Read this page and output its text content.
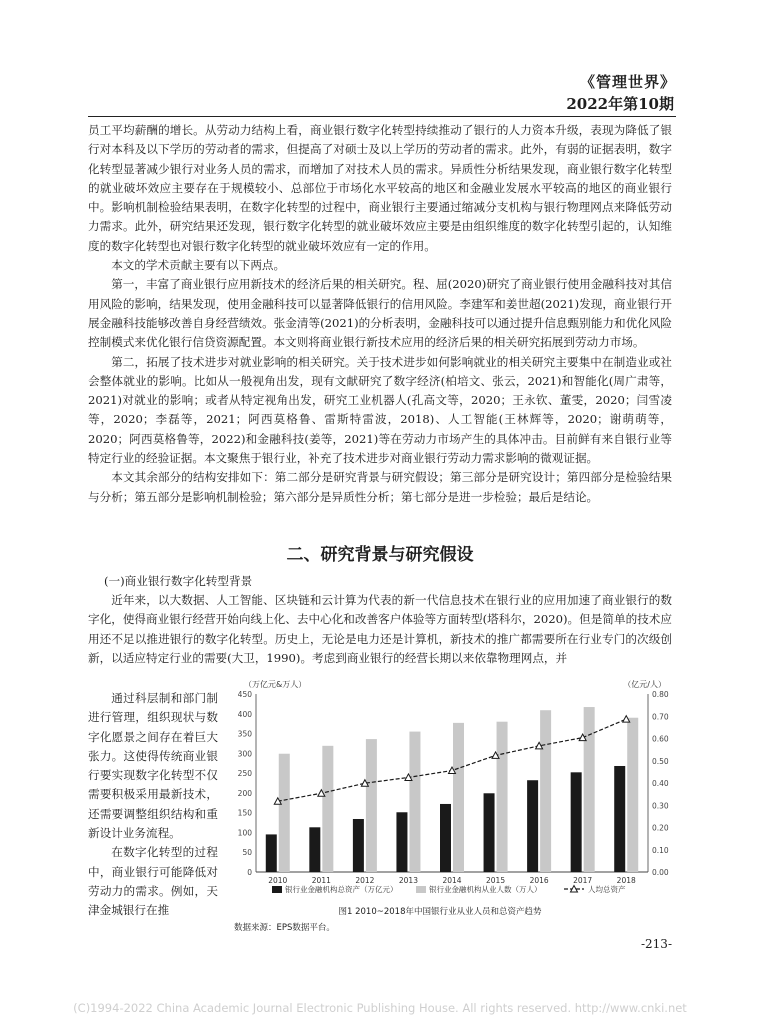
《管理世界》
2022年第10期

员工平均薪酬的增长。从劳动力结构上看，商业银行数字化转型持续推动了银行的人力资本升级，表现为降低了银行对本科及以下学历的劳动者的需求，但提高了对硕士及以上学历的劳动者的需求。此外，有弱的证据表明，数字化转型显著减少银行对业务人员的需求，而增加了对技术人员的需求。异质性分析结果发现，商业银行数字化转型的就业破坏效应主要存在于规模较小、总部位于市场化水平较高的地区和金融业发展水平较高的地区的商业银行中。影响机制检验结果表明，在数字化转型的过程中，商业银行主要通过缩减分支机构与银行物理网点来降低劳动力需求。此外，研究结果还发现，银行数字化转型的就业破坏效应主要是由组织维度的数字化转型引起的，认知维度的数字化转型也对银行数字化转型的就业破坏效应有一定的作用。

本文的学术贡献主要有以下两点。

第一，丰富了商业银行应用新技术的经济后果的相关研究。程、屈(2020)研究了商业银行使用金融科技对其信用风险的影响，结果发现，使用金融科技可以显著降低银行的信用风险。李建军和姜世超(2021)发现，商业银行开展金融科技能够改善自身经营绩效。张金清等(2021)的分析表明，金融科技可以通过提升信息甄别能力和优化风险控制模式来优化银行信贷资源配置。本文则将商业银行新技术应用的经济后果的相关研究拓展到劳动力市场。

第二，拓展了技术进步对就业影响的相关研究。关于技术进步如何影响就业的相关研究主要集中在制造业或社会整体就业的影响。比如从一般视角出发，现有文献研究了数字经济(柏培文、张云，2021)和智能化(周广肃等，2021)对就业的影响；或者从特定视角出发，研究工业机器人(孔高文等，2020；王永钦、董雯，2020；闫雪凌等，2020；李磊等，2021；阿西莫格鲁、雷斯特雷波，2018)、人工智能(王林辉等，2020；谢萌萌等，2020；阿西莫格鲁等，2022)和金融科技(姜等，2021)等在劳动力市场产生的具体冲击。目前鲜有来自银行业等特定行业的经验证据。本文聚焦于银行业，补充了技术进步对商业银行劳动力需求影响的微观证据。

本文其余部分的结构安排如下：第二部分是研究背景与研究假设；第三部分是研究设计；第四部分是检验结果与分析；第五部分是影响机制检验；第六部分是异质性分析；第七部分是进一步检验；最后是结论。

二、研究背景与研究假设
(一)商业银行数字化转型背景

近年来，以大数据、人工智能、区块链和云计算为代表的新一代信息技术在银行业的应用加速了商业银行的数字化，使得商业银行经营开始向线上化、去中心化和改善客户体验等方面转型(塔科尔，2020)。但是简单的技术应用还不足以推进银行的数字化转型。历史上，无论是电力还是计算机，新技术的推广都需要所在行业专门的次级创新，以适应特定行业的需要(大卫，1990)。考虑到商业银行的经营长期以来依靠物理网点，并

通过科层制和部门制进行管理，组织现状与数字化愿景之间存在着巨大张力。这使得传统商业银行要实现数字化转型不仅需要积极采用最新技术，还需要调整组织结构和重新设计业务流程。

在数字化转型的过程中，商业银行可能降低对劳动力的需求。例如，天津金城银行在推

（万亿元&万人）	（亿元/人）
0
50
100
150
200
250
300
350
400
450
0.00
0.10
0.20
0.30
0.40
0.50
0.60
0.70
0.80
2010	2011	2012	2013	2014	2015	2016	2017	2018
银行业金融机构总资产（万亿元）	银行业金融机构从业人数（万人）	人均总资产
图1 2010~2018年中国银行业从业人员和总资产趋势
数据来源：EPS数据平台。
-213-
(C)1994-2022 China Academic Journal Electronic Publishing House. All rights reserved. http://www.cnki.net
